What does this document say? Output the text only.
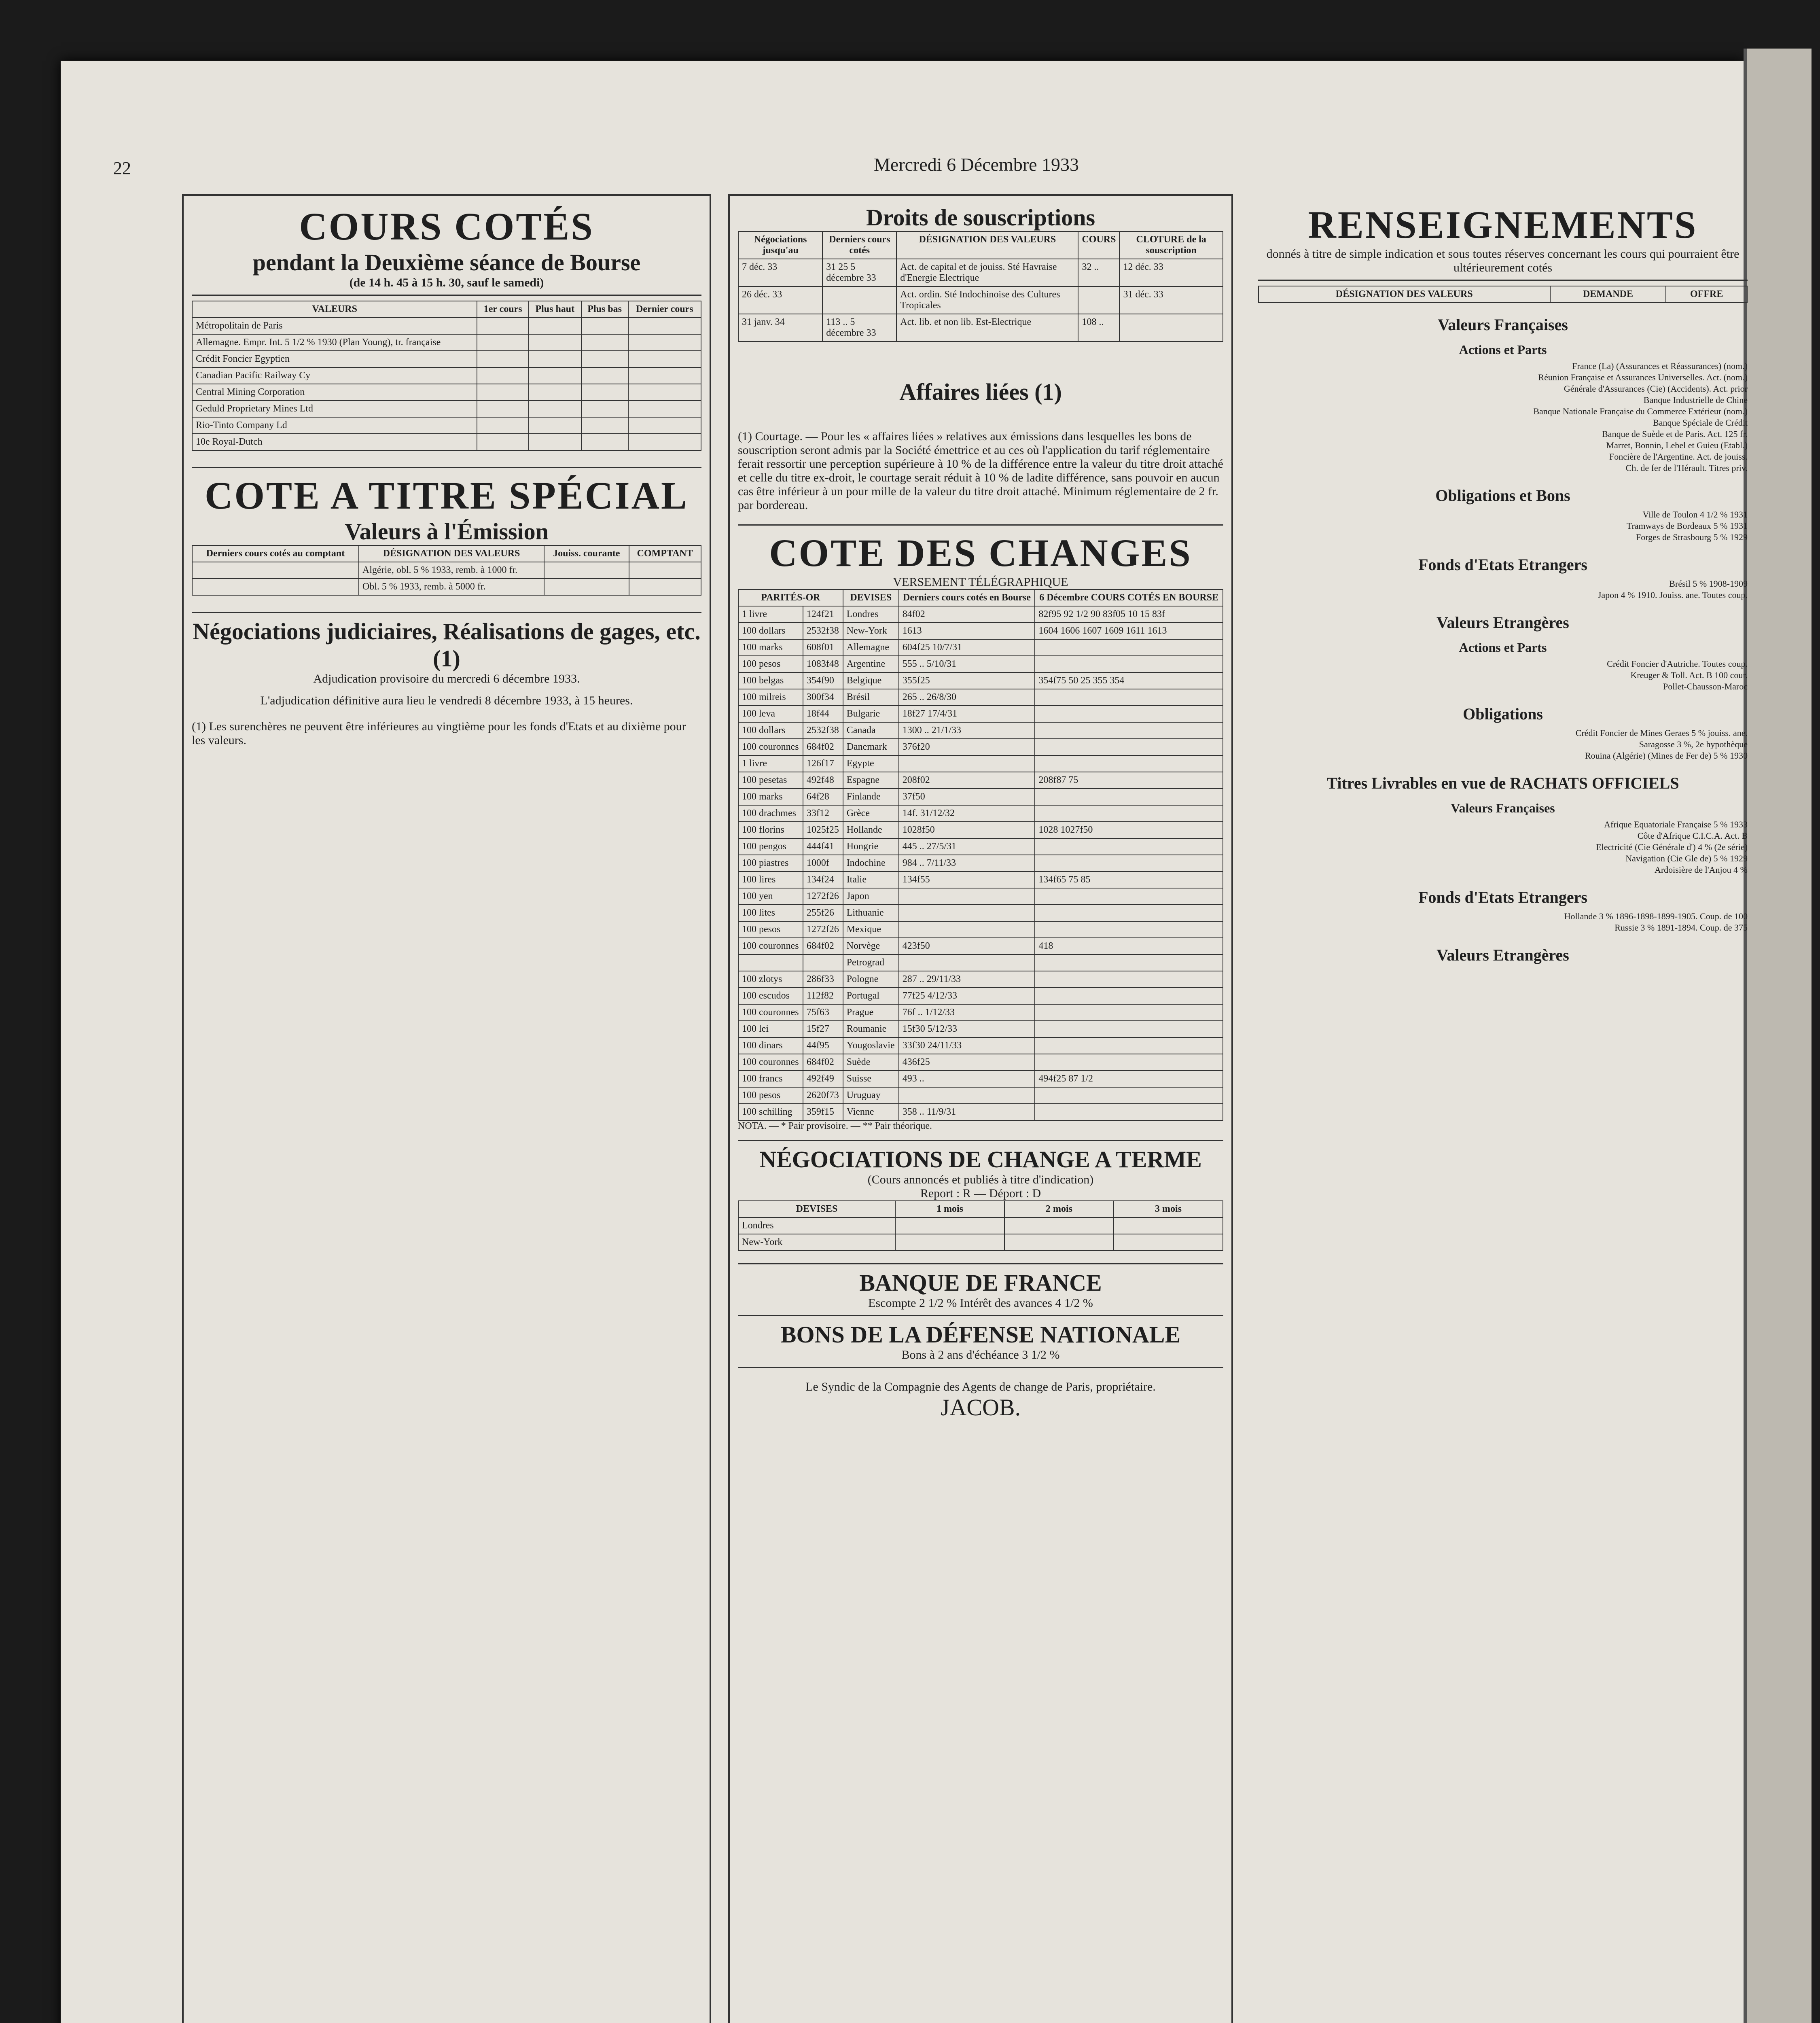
22	Mercredi 6 Décembre 1933
COURS COTÉS
pendant la Deuxième séance de Bourse
(de 14 h. 45 à 15 h. 30, sauf le samedi)
VALEURS	1er cours	Plus haut	Plus bas	Dernier cours
Métropolitain de Paris				
Allemagne. Empr. Int. 5 1/2 % 1930 (Plan Young), tr. française				
Crédit Foncier Egyptien				
Canadian Pacific Railway Cy				
Central Mining Corporation				
Geduld Proprietary Mines Ltd				
Rio-Tinto Company Ld				
10e Royal-Dutch				
COTE A TITRE SPÉCIAL
Valeurs à l'Émission
Derniers cours cotés au comptant	DÉSIGNATION DES VALEURS	Jouiss. courante	COMPTANT
	Algérie, obl. 5 % 1933, remb. à 1000 fr.		
	Obl. 5 % 1933, remb. à 5000 fr.		
Négociations judiciaires, Réalisations de gages, etc. (1)
Adjudication provisoire du mercredi 6 décembre 1933.
L'adjudication définitive aura lieu le vendredi 8 décembre 1933, à 15 heures.
(1) Les surenchères ne peuvent être inférieures au vingtième pour les fonds d'Etats et au dixième pour les valeurs.
Droits de souscriptions
Négociations jusqu'au	Derniers cours cotés	DÉSIGNATION DES VALEURS	COURS	CLOTURE de la souscription
7 déc. 33	31 25 5 décembre 33	Act. de capital et de jouiss. Sté Havraise d'Energie Electrique	32 ..	12 déc. 33
26 déc. 33		Act. ordin. Sté Indochinoise des Cultures Tropicales		31 déc. 33
31 janv. 34	113 .. 5 décembre 33	Act. lib. et non lib. Est-Electrique	108 ..	
Affaires liées (1)
(1) Courtage. — Pour les « affaires liées » relatives aux émissions dans lesquelles les bons de souscription seront admis par la Société émettrice et au ces où l'application du tarif réglementaire ferait ressortir une perception supérieure à 10 % de la différence entre la valeur du titre droit attaché et celle du titre ex-droit, le courtage serait réduit à 10 % de ladite différence, sans pouvoir en aucun cas être inférieur à un pour mille de la valeur du titre droit attaché. Minimum réglementaire de 2 fr. par bordereau.
COTE DES CHANGES
VERSEMENT TÉLÉGRAPHIQUE
PARITÉS-OR		DEVISES	Derniers cours cotés en Bourse	6 Décembre COURS COTÉS EN BOURSE
1 livre	124f21	Londres	84f02	82f95 92 1/2 90 83f05 10 15 83f
100 dollars	2532f38	New-York	1613	1604 1606 1607 1609 1611 1613
100 marks	608f01	Allemagne	604f25 10/7/31	
100 pesos	1083f48	Argentine	555 .. 5/10/31	
100 belgas	354f90	Belgique	355f25	354f75 50 25 355 354
100 milreis	300f34	Brésil	265 .. 26/8/30	
100 leva	18f44	Bulgarie	18f27 17/4/31	
100 dollars	2532f38	Canada	1300 .. 21/1/33	
100 couronnes	684f02	Danemark	376f20	
1 livre	126f17	Egypte		
100 pesetas	492f48	Espagne	208f02	208f87 75
100 marks	64f28	Finlande	37f50	
100 drachmes	33f12	Grèce	14f. 31/12/32	
100 florins	1025f25	Hollande	1028f50	1028 1027f50
100 pengos	444f41	Hongrie	445 .. 27/5/31	
100 piastres	1000f	Indochine	984 .. 7/11/33	
100 lires	134f24	Italie	134f55	134f65 75 85
100 yen	1272f26	Japon		
100 lites	255f26	Lithuanie		
100 pesos	1272f26	Mexique		
100 couronnes	684f02	Norvège	423f50	418
		Petrograd		
100 zlotys	286f33	Pologne	287 .. 29/11/33	
100 escudos	112f82	Portugal	77f25 4/12/33	
100 couronnes	75f63	Prague	76f .. 1/12/33	
100 lei	15f27	Roumanie	15f30 5/12/33	
100 dinars	44f95	Yougoslavie	33f30 24/11/33	
100 couronnes	684f02	Suède	436f25	
100 francs	492f49	Suisse	493 ..	494f25 87 1/2
100 pesos	2620f73	Uruguay		
100 schilling	359f15	Vienne	358 .. 11/9/31	
NOTA. — * Pair provisoire. — ** Pair théorique.
NÉGOCIATIONS DE CHANGE A TERME
(Cours annoncés et publiés à titre d'indication)
Report : R — Déport : D
DEVISES	1 mois	2 mois	3 mois
Londres			
New-York			
BANQUE DE FRANCE
Escompte 2 1/2 % Intérêt des avances 4 1/2 %
BONS DE LA DÉFENSE NATIONALE
Bons à 2 ans d'échéance 3 1/2 %
Le Syndic de la Compagnie des Agents de change de Paris, propriétaire.
JACOB.
RENSEIGNEMENTS
donnés à titre de simple indication et sous toutes réserves concernant les cours qui pourraient être ultérieurement cotés
DÉSIGNATION DES VALEURS	DEMANDE	OFFRE
Valeurs Françaises
Actions et Parts
France (La) (Assurances et Réassurances) (nom.)
Réunion Française et Assurances Universelles. Act. (nom.)
Générale d'Assurances (Cie) (Accidents). Act. prior
Banque Industrielle de Chine
Banque Nationale Française du Commerce Extérieur (nom.)
Banque Spéciale de Crédit
Banque de Suède et de Paris. Act. 125 fr.
Marret, Bonnin, Lebel et Guieu (Etabl.)
Foncière de l'Argentine. Act. de jouiss.
Ch. de fer de l'Hérault. Titres priv.
Obligations et Bons
Ville de Toulon 4 1/2 % 1931
Tramways de Bordeaux 5 % 1931
Forges de Strasbourg 5 % 1929
Fonds d'Etats Etrangers
Brésil 5 % 1908-1909
Japon 4 % 1910. Jouiss. ane. Toutes coup.
Valeurs Etrangères
Actions et Parts
Crédit Foncier d'Autriche. Toutes coup.
Kreuger & Toll. Act. B 100 cour.
Pollet-Chausson-Maroc
Obligations
Crédit Foncier de Mines Geraes 5 % jouiss. ane.
Saragosse 3 %, 2e hypothèque
Rouina (Algérie) (Mines de Fer de) 5 % 1930
Titres Livrables en vue de RACHATS OFFICIELS
Valeurs Françaises
Afrique Equatoriale Française 5 % 1933
Côte d'Afrique C.I.C.A. Act. B
Electricité (Cie Générale d') 4 % (2e série)
Navigation (Cie Gle de) 5 % 1929
Ardoisière de l'Anjou 4 %
Fonds d'Etats Etrangers
Hollande 3 % 1896-1898-1899-1905. Coup. de 100
Russie 3 % 1891-1894. Coup. de 375
Valeurs Etrangères
